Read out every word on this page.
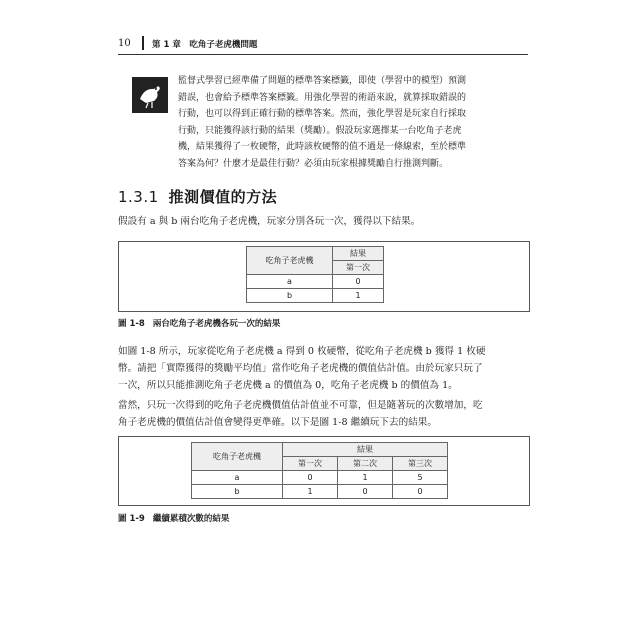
10	第 1 章　吃角子老虎機問題

監督式學習已經準備了問題的標準答案標籤，即使（學習中的模型）預測

錯誤，也會給予標準答案標籤。用強化學習的術語來說，就算採取錯誤的

行動，也可以得到正確行動的標準答案。然而，強化學習是玩家自行採取

行動，只能獲得該行動的結果（獎勵）。假設玩家選擇某一台吃角子老虎

機，結果獲得了一枚硬幣，此時該枚硬幣的值不過是一條線索，至於標準

答案為何？什麼才是最佳行動？必須由玩家根據獎勵自行推測判斷。

1.3.1 推測價值的方法

假設有 a 與 b 兩台吃角子老虎機，玩家分別各玩一次，獲得以下結果。

吃角子老虎機	結果
	第一次
a	0
b	1
圖 1-8 兩台吃角子老虎機各玩一次的結果

如圖 1-8 所示，玩家從吃角子老虎機 a 得到 0 枚硬幣，從吃角子老虎機 b 獲得 1 枚硬

幣。請把「實際獲得的獎勵平均值」當作吃角子老虎機的價值估計值。由於玩家只玩了

一次，所以只能推測吃角子老虎機 a 的價值為 0，吃角子老虎機 b 的價值為 1。

當然，只玩一次得到的吃角子老虎機價值估計值並不可靠，但是隨著玩的次數增加，吃

角子老虎機的價值估計值會變得更準確。以下是圖 1-8 繼續玩下去的結果。

吃角子老虎機	結果		
	第一次	第二次	第三次
a	0	1	5
b	1	0	0
圖 1-9 繼續累積次數的結果
